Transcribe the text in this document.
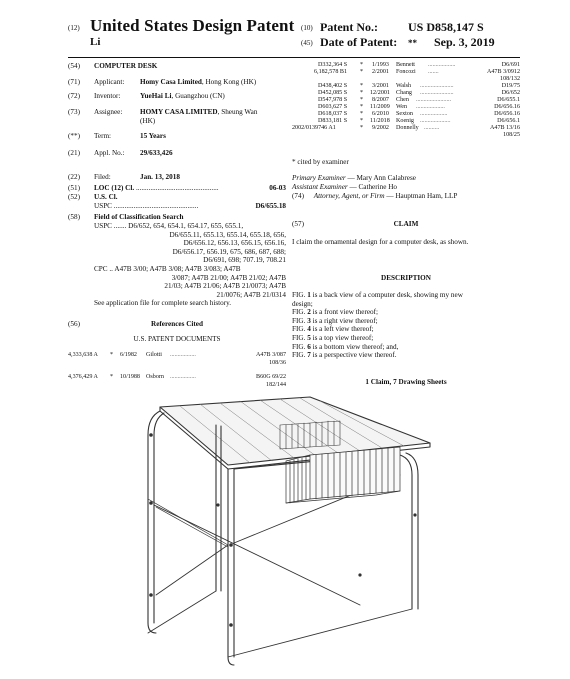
(12) United States Design Patent
Li
(10) Patent No.:	US D858,147 S
(45) Date of Patent: ** Sep. 3, 2019
(54) COMPUTER DESK
(71) Applicant: Homy Casa Limited, Hong Kong (HK)
(72) Inventor:	YueHai Li, Guangzhou (CN)
(73) Assignee: HOMY CASA LIMITED, Sheung Wan
(HK)
(**) Term:	15 Years
(21) Appl. No.: 29/633,426
(22) Filed:	Jan. 13, 2018
(51) LOC (12) Cl. ..............................................	06-03
(52) U.S. Cl.
USPC ...............................................	D6/655.18
(58) Field of Classification Search
USPC ....... D6/652, 654, 654.1, 654.17, 655, 655.1,
D6/655.11, 655.13, 655.14, 655.18, 656,
D6/656.12, 656.13, 656.15, 656.16,
D6/656.17, 656.19, 675, 686, 687, 688;
D6/691, 698; 707.19, 708.21
CPC .. A47B 3/00; A47B 3/08; A47B 3/083; A47B
3/087; A47B 21/00; A47B 21/02; A47B
21/03; A47B 21/06; A47B 21/0073; A47B
21/0076; A47B 21/0314
See application file for complete search history.
(56)	References Cited
U.S. PATENT DOCUMENTS
4,333,638 A * 6/1982 Gilotti .................	A47B 3/087
108/36
4,376,429 A * 10/1988 Osborn .................	B60G 69/22
182/144
D332,364 S * 1/1993 Bennett ..................	D6/691
6,182,578 B1 * 2/2001 Foncozi .......	A47B 3/0912
108/132
D438,402 S * 3/2001 Walsh ......................	D19/75
D452,085 S * 12/2001 Chang ......................	D6/652
D547,978 S * 8/2007 Chen .......................	D6/655.1
D603,627 S * 11/2009 Wen ...................	D6/656.16
D618,037 S * 6/2010 Sexton ..................	D6/656.16
D833,181 S * 11/2018 Koenig ....................	D6/656.1
2002/0139746 A1	* 9/2002 Donnelly ..........	A47B 13/16
108/25
* cited by examiner
Primary Examiner — Mary Ann Calabrese
Assistant Examiner — Catherine Ho
(74) Attorney, Agent, or Firm — Hauptman Ham, LLP
(57)	CLAIM
I claim the ornamental design for a computer desk, as shown.
DESCRIPTION
FIG. 1 is a back view of a computer desk, showing my new
design;
FIG. 2 is a front view thereof;
FIG. 3 is a right view thereof;
FIG. 4 is a left view thereof;
FIG. 5 is a top view thereof;
FIG. 6 is a bottom view thereof; and,
FIG. 7 is a perspective view thereof.
1 Claim, 7 Drawing Sheets
